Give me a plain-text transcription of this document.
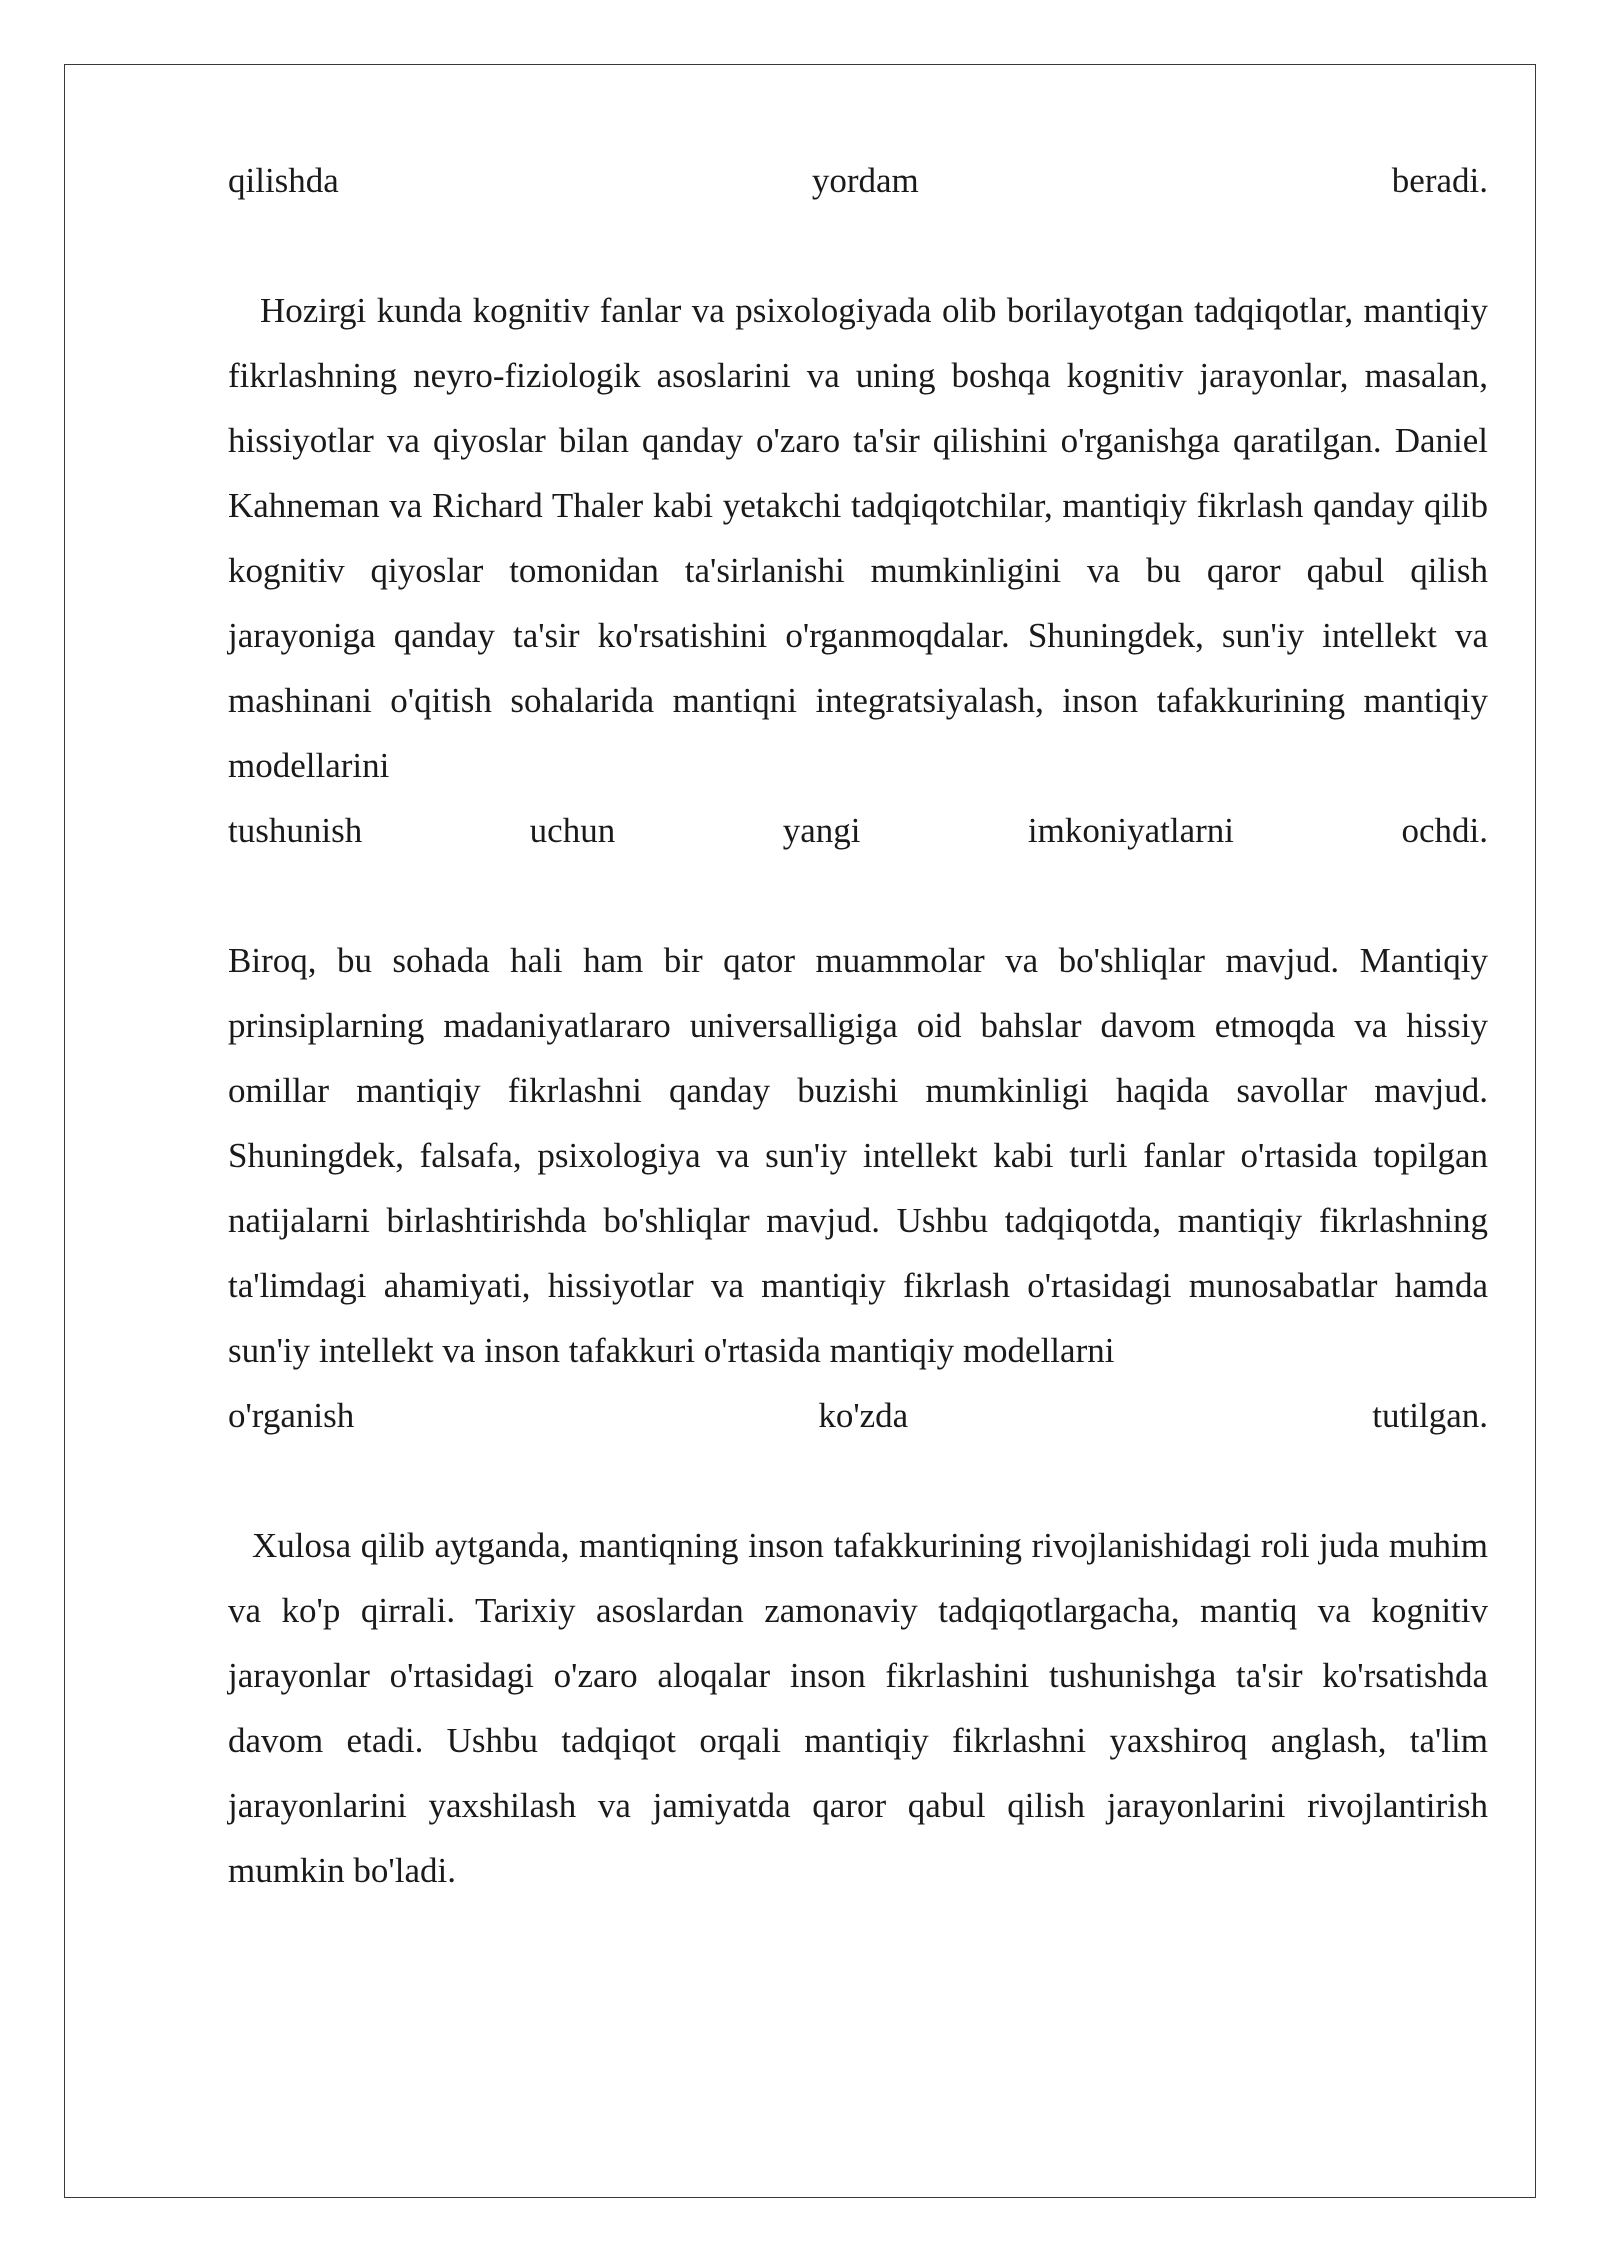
qilishda	yordam	beradi.

Hozirgi kunda kognitiv fanlar va psixologiyada olib borilayotgan tadqiqotlar, mantiqiy fikrlashning neyro-fiziologik asoslarini va uning boshqa kognitiv jarayonlar, masalan, hissiyotlar va qiyoslar bilan qanday o'zaro ta'sir qilishini o'rganishga qaratilgan. Daniel Kahneman va Richard Thaler kabi yetakchi tadqiqotchilar, mantiqiy fikrlash qanday qilib kognitiv qiyoslar tomonidan ta'sirlanishi mumkinligini va bu qaror qabul qilish jarayoniga qanday ta'sir ko'rsatishini o'rganmoqdalar. Shuningdek, sun'iy intellekt va mashinani o'qitish sohalarida mantiqni integratsiyalash, inson tafakkurining mantiqiy modellarini

tushunish	uchun	yangi	imkoniyatlarni	ochdi.

Biroq, bu sohada hali ham bir qator muammolar va bo'shliqlar mavjud. Mantiqiy prinsiplarning madaniyatlararo universalligiga oid bahslar davom etmoqda va hissiy omillar mantiqiy fikrlashni qanday buzishi mumkinligi haqida savollar mavjud. Shuningdek, falsafa, psixologiya va sun'iy intellekt kabi turli fanlar o'rtasida topilgan natijalarni birlashtirishda bo'shliqlar mavjud. Ushbu tadqiqotda, mantiqiy fikrlashning ta'limdagi ahamiyati, hissiyotlar va mantiqiy fikrlash o'rtasidagi munosabatlar hamda sun'iy intellekt va inson tafakkuri o'rtasida mantiqiy modellarni

o'rganish	ko'zda	tutilgan.

Xulosa qilib aytganda, mantiqning inson tafakkurining rivojlanishidagi roli juda muhim va ko'p qirrali. Tarixiy asoslardan zamonaviy tadqiqotlargacha, mantiq va kognitiv jarayonlar o'rtasidagi o'zaro aloqalar inson fikrlashini tushunishga ta'sir ko'rsatishda davom etadi. Ushbu tadqiqot orqali mantiqiy fikrlashni yaxshiroq anglash, ta'lim jarayonlarini yaxshilash va jamiyatda qaror qabul qilish jarayonlarini rivojlantirish mumkin bo'ladi.
